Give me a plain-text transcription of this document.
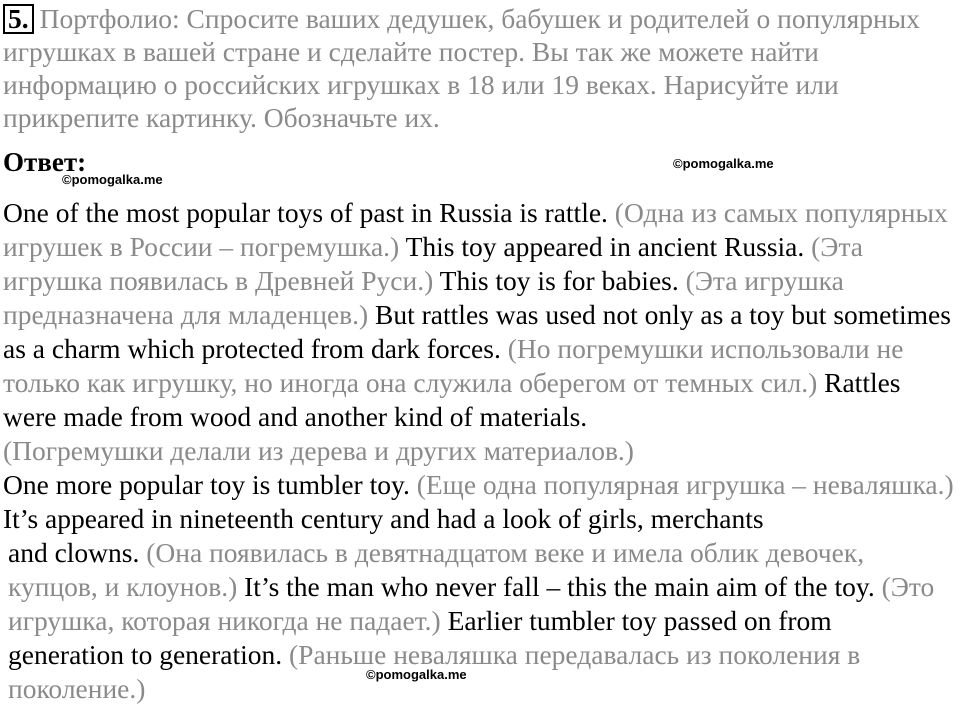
5. Портфолио: Спросите ваших дедушек, бабушек и родителей о популярных игрушках в вашей стране и сделайте постер. Вы так же можете найти информацию о российских игрушках в 18 или 19 веках. Нарисуйте или прикрепите картинку. Обозначьте их.

Ответ:

©pomogalka.me

©pomogalka.me

One of the most popular toys of past in Russia is rattle. (Одна из самых популярных игрушек в России – погремушка.) This toy appeared in ancient Russia. (Эта игрушка появилась в Древней Руси.) This toy is for babies. (Эта игрушка предназначена для младенцев.) But rattles was used not only as a toy but sometimes as a charm which protected from dark forces. (Но погремушки использовали не только как игрушку, но иногда она служила оберегом от темных сил.) Rattles were made from wood and another kind of materials.
(Погремушки делали из дерева и других материалов.)
One more popular toy is tumbler toy. (Еще одна популярная игрушка – неваляшка.) It’s appeared in nineteenth century and had a look of girls, merchants

and clowns. (Она появилась в девятнадцатом веке и имела облик девочек, купцов, и клоунов.) It’s the man who never fall – this the main aim of the toy. (Это игрушка, которая никогда не падает.) Earlier tumbler toy passed on from generation to generation. (Раньше неваляшка передавалась из поколения в поколение.)	©pomogalka.me
